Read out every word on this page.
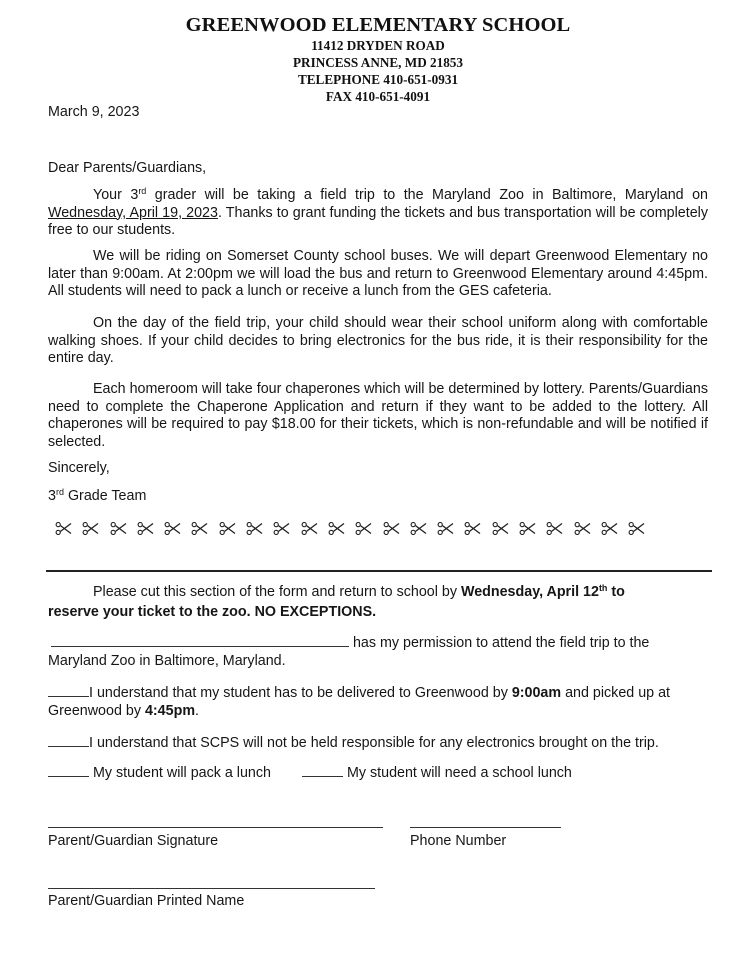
GREENWOOD ELEMENTARY SCHOOL
11412 DRYDEN ROAD
PRINCESS ANNE, MD 21853
TELEPHONE 410-651-0931
FAX 410-651-4091
March 9, 2023
Dear Parents/Guardians,
Your 3rd grader will be taking a field trip to the Maryland Zoo in Baltimore, Maryland on Wednesday, April 19, 2023. Thanks to grant funding the tickets and bus transportation will be completely free to our students.
We will be riding on Somerset County school buses. We will depart Greenwood Elementary no later than 9:00am. At 2:00pm we will load the bus and return to Greenwood Elementary around 4:45pm. All students will need to pack a lunch or receive a lunch from the GES cafeteria.
On the day of the field trip, your child should wear their school uniform along with comfortable walking shoes. If your child decides to bring electronics for the bus ride, it is their responsibility for the entire day.
Each homeroom will take four chaperones which will be determined by lottery. Parents/Guardians need to complete the Chaperone Application and return if they want to be added to the lottery. All chaperones will be required to pay $18.00 for their tickets, which is non-refundable and will be notified if selected.
Sincerely,
3rd Grade Team
Please cut this section of the form and return to school by Wednesday, April 12th to
reserve your ticket to the zoo. NO EXCEPTIONS.
has my permission to attend the field trip to the
Maryland Zoo in Baltimore, Maryland.
I understand that my student has to be delivered to Greenwood by 9:00am and picked up at
Greenwood by 4:45pm.
I understand that SCPS will not be held responsible for any electronics brought on the trip.
My student will pack a lunch	My student will need a school lunch
Parent/Guardian Signature	Phone Number
Parent/Guardian Printed Name
